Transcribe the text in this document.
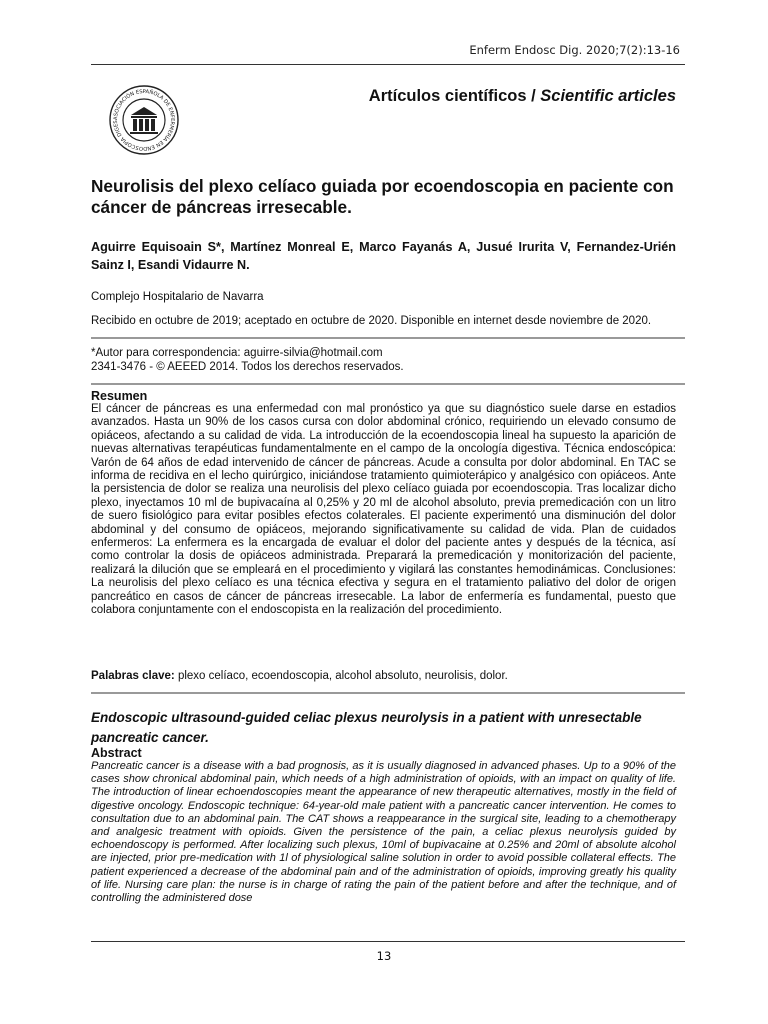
Enferm Endosc Dig. 2020;7(2):13-16
ASOCIACIÓN ESPAÑOLA DE ENFERMERÍA EN ENDOSCOPIA DIGES
Artículos científicos / Scientific articles
Neurolisis del plexo celíaco guiada por ecoendoscopia en paciente con cáncer de páncreas irresecable.
Aguirre Equisoain S*, Martínez Monreal E, Marco Fayanás A, Jusué Irurita V, Fernandez-Urién Sainz I, Esandi Vidaurre N.
Complejo Hospitalario de Navarra
Recibido en octubre de 2019; aceptado en octubre de 2020. Disponible en internet desde noviembre de 2020.
*Autor para correspondencia: aguirre-silvia@hotmail.com
2341-3476 - © AEEED 2014. Todos los derechos reservados.
Resumen
El cáncer de páncreas es una enfermedad con mal pronóstico ya que su diagnóstico suele darse en estadios avanzados. Hasta un 90% de los casos cursa con dolor abdominal crónico, requiriendo un elevado consumo de opiáceos, afectando a su calidad de vida. La introducción de la ecoendoscopia lineal ha supuesto la aparición de nuevas alternativas terapéuticas fundamentalmente en el campo de la oncología digestiva. Técnica endoscópica: Varón de 64 años de edad intervenido de cáncer de páncreas. Acude a consulta por dolor abdominal. En TAC se informa de recidiva en el lecho quirúrgico, iniciándose tratamiento quimioterápico y analgésico con opiáceos. Ante la persistencia de dolor se realiza una neurolisis del plexo celíaco guiada por ecoendoscopia. Tras localizar dicho plexo, inyectamos 10 ml de bupivacaína al 0,25% y 20 ml de alcohol absoluto, previa premedicación con un litro de suero fisiológico para evitar posibles efectos colaterales. El paciente experimentó una disminución del dolor abdominal y del consumo de opiáceos, mejorando significativamente su calidad de vida. Plan de cuidados enfermeros: La enfermera es la encargada de evaluar el dolor del paciente antes y después de la técnica, así como controlar la dosis de opiáceos administrada. Preparará la premedicación y monitorización del paciente, realizará la dilución que se empleará en el procedimiento y vigilará las constantes hemodinámicas. Conclusiones: La neurolisis del plexo celíaco es una técnica efectiva y segura en el tratamiento paliativo del dolor de origen pancreático en casos de cáncer de páncreas irresecable. La labor de enfermería es fundamental, puesto que colabora conjuntamente con el endoscopista en la realización del procedimiento.
Palabras clave: plexo celíaco, ecoendoscopia, alcohol absoluto, neurolisis, dolor.
Endoscopic ultrasound-guided celiac plexus neurolysis in a patient with unresectable pancreatic cancer.
Abstract
Pancreatic cancer is a disease with a bad prognosis, as it is usually diagnosed in advanced phases. Up to a 90% of the cases show chronical abdominal pain, which needs of a high administration of opioids, with an impact on quality of life. The introduction of linear echoendoscopies meant the appearance of new therapeutic alternatives, mostly in the field of digestive oncology. Endoscopic technique: 64-year-old male patient with a pancreatic cancer intervention. He comes to consultation due to an abdominal pain. The CAT shows a reappearance in the surgical site, leading to a chemotherapy and analgesic treatment with opioids. Given the persistence of the pain, a celiac plexus neurolysis guided by echoendoscopy is performed. After localizing such plexus, 10ml of bupivacaine at 0.25% and 20ml of absolute alcohol are injected, prior pre-medication with 1l of physiological saline solution in order to avoid possible collateral effects. The patient experienced a decrease of the abdominal pain and of the administration of opioids, improving greatly his quality of life. Nursing care plan: the nurse is in charge of rating the pain of the patient before and after the technique, and of controlling the administered dose
13
